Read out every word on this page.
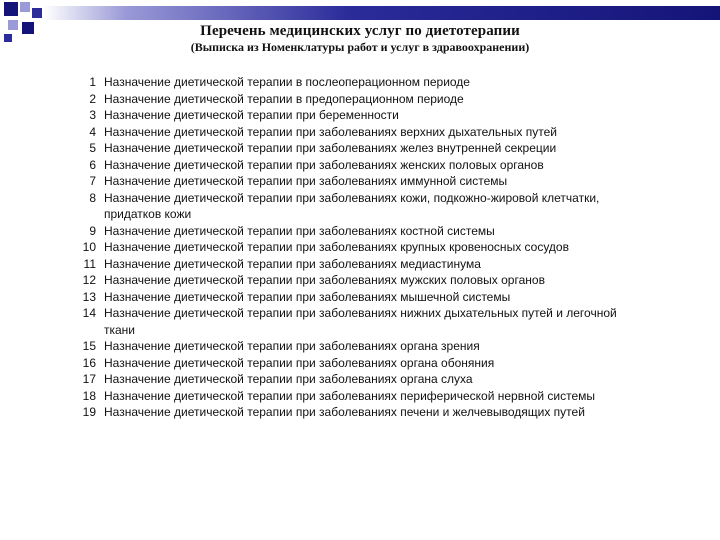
Перечень медицинских услуг по диетотерапии
(Выписка из Номенклатуры работ и услуг в здравоохранении)
1 Назначение диетической терапии в послеоперационном периоде
2 Назначение диетической терапии в предоперационном периоде
3 Назначение диетической терапии при беременности
4 Назначение диетической терапии при заболеваниях верхних дыхательных путей
5 Назначение диетической терапии при заболеваниях желез внутренней секреции
6 Назначение диетической терапии при заболеваниях женских половых органов
7 Назначение диетической терапии при заболеваниях иммунной системы
8 Назначение диетической терапии при заболеваниях кожи, подкожно-жировой клетчатки, придатков кожи
9 Назначение диетической терапии при заболеваниях костной системы
10 Назначение диетической терапии при заболеваниях крупных кровеносных сосудов
11 Назначение диетической терапии при заболеваниях медиастинума
12 Назначение диетической терапии при заболеваниях мужских половых органов
13 Назначение диетической терапии при заболеваниях мышечной системы
14 Назначение диетической терапии при заболеваниях нижних дыхательных путей и легочной ткани
15 Назначение диетической терапии при заболеваниях органа зрения
16 Назначение диетической терапии при заболеваниях органа обоняния
17 Назначение диетической терапии при заболеваниях органа слуха
18 Назначение диетической терапии при заболеваниях периферической нервной системы
19 Назначение диетической терапии при заболеваниях печени и желчевыводящих путей
